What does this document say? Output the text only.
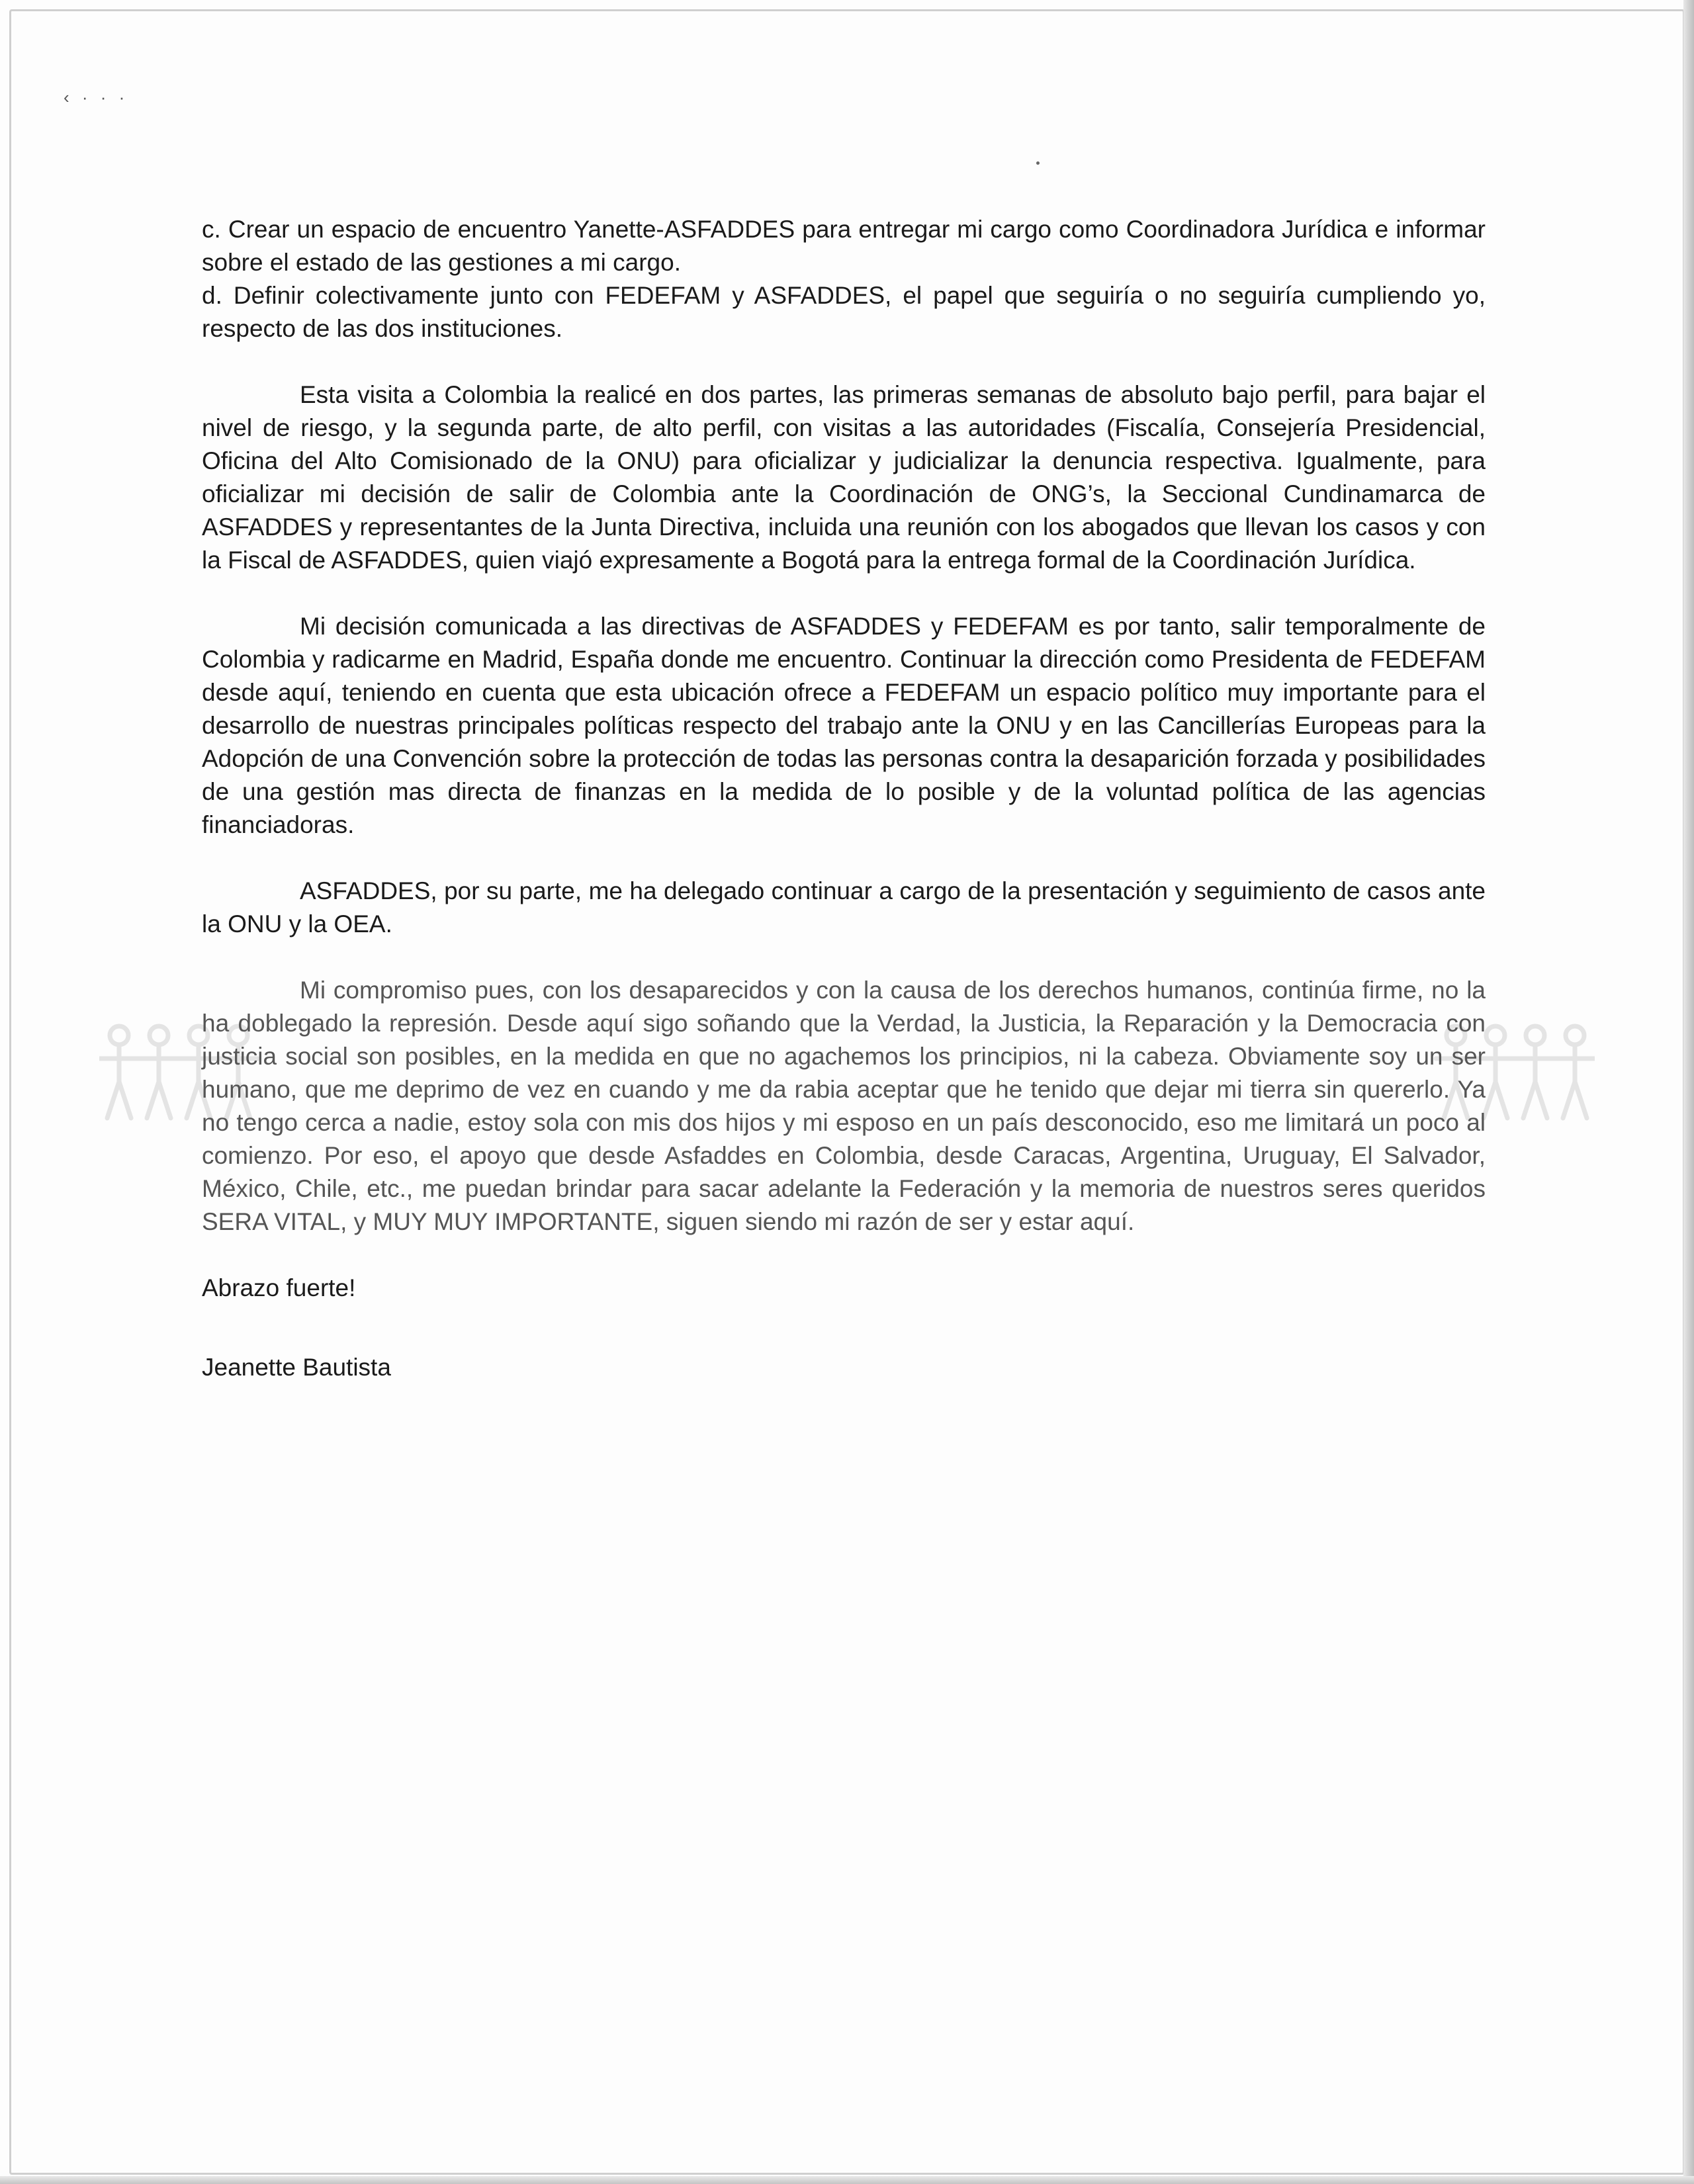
‹ · · ·

c. Crear un espacio de encuentro Yanette-ASFADDES para entregar mi cargo como Coordinadora Jurídica e informar sobre el estado de las gestiones a mi cargo.

d. Definir colectivamente junto con FEDEFAM y ASFADDES, el papel que seguiría o no seguiría cumpliendo yo, respecto de las dos instituciones.

Esta visita a Colombia la realicé en dos partes, las primeras semanas de absoluto bajo perfil, para bajar el nivel de riesgo, y la segunda parte, de alto perfil, con visitas a las autoridades (Fiscalía, Consejería Presidencial, Oficina del Alto Comisionado de la ONU) para oficializar y judicializar la denuncia respectiva. Igualmente, para oficializar mi decisión de salir de Colombia ante la Coordinación de ONG’s, la Seccional Cundinamarca de ASFADDES y representantes de la Junta Directiva, incluida una reunión con los abogados que llevan los casos y con la Fiscal de ASFADDES, quien viajó expresamente a Bogotá para la entrega formal de la Coordinación Jurídica.

Mi decisión comunicada a las directivas de ASFADDES y FEDEFAM es por tanto, salir temporalmente de Colombia y radicarme en Madrid, España donde me encuentro. Continuar la dirección como Presidenta de FEDEFAM desde aquí, teniendo en cuenta que esta ubicación ofrece a FEDEFAM un espacio político muy importante para el desarrollo de nuestras principales políticas respecto del trabajo ante la ONU y en las Cancillerías Europeas para la Adopción de una Convención sobre la protección de todas las personas contra la desaparición forzada y posibilidades de una gestión mas directa de finanzas en la medida de lo posible y de la voluntad política de las agencias financiadoras.

ASFADDES, por su parte, me ha delegado continuar a cargo de la presentación y seguimiento de casos ante la ONU y la OEA.

Mi compromiso pues, con los desaparecidos y con la causa de los derechos humanos, continúa firme, no la ha doblegado la represión. Desde aquí sigo soñando que la Verdad, la Justicia, la Reparación y la Democracia con justicia social son posibles, en la medida en que no agachemos los principios, ni la cabeza. Obviamente soy un ser humano, que me deprimo de vez en cuando y me da rabia aceptar que he tenido que dejar mi tierra sin quererlo. Ya no tengo cerca a nadie, estoy sola con mis dos hijos y mi esposo en un país desconocido, eso me limitará un poco al comienzo. Por eso, el apoyo que desde Asfaddes en Colombia, desde Caracas, Argentina, Uruguay, El Salvador, México, Chile, etc., me puedan brindar para sacar adelante la Federación y la memoria de nuestros seres queridos SERA VITAL, y MUY MUY IMPORTANTE, siguen siendo mi razón de ser y estar aquí.

Abrazo fuerte!

Jeanette Bautista
